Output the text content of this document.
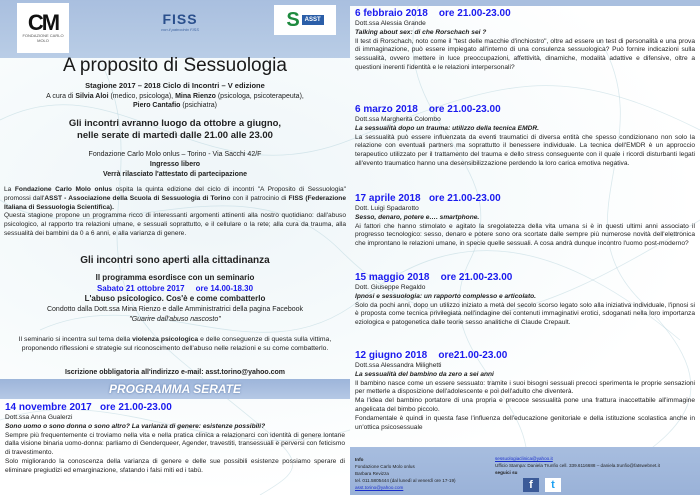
CM
FONDAZIONE CARLO MOLO
FISS
con il patrocinio FISS	S ASST
A proposito di Sessuologia
Stagione 2017 – 2018 Ciclo di Incontri – V edizione
A cura di Silvia Aloi (medico, psicologa), Mina Rienzo (psicologa, psicoterapeuta),
Piero Cantafio (psichiatra)
Gli incontri avranno luogo da ottobre a giugno,
nelle serate di martedì dalle 21.00 alle 23.00
Fondazione Carlo Molo onlus – Torino - Via Sacchi 42/F
Ingresso libero
Verrà rilasciato l'attestato di partecipazione
La Fondazione Carlo Molo onlus ospita la quinta edizione del ciclo di incontri "A Proposito di Sessuologia" promossi dall'ASST - Associazione della Scuola di Sessuologia di Torino con il patrocinio di FISS (Federazione Italiana di Sessuologia Scientifica).
Questa stagione propone un programma ricco di interessanti argomenti attinenti alla nostro quotidiano: dall'abuso psicologico, al rapporto tra relazioni umane, e sessuali soprattutto, e il cellulare o la rete; alla cura da trauma, alla sessualità dei bambini da 0 a 6 anni, e alla varianza di genere.
Gli incontri sono aperti alla cittadinanza
Il programma esordisce con un seminario
Sabato 21 ottobre 2017     ore 14.00-18.30
L'abuso psicologico. Cos'è e come combatterlo
Condotto dalla Dott.ssa Mina Rienzo e dalle Amministratrici della pagina Facebook
"Guarire dall'abuso nascosto"
Il seminario si incentra sul tema della violenza psicologica e delle conseguenze di questa sulla vittima, proponendo riflessioni e strategie sul riconoscimento dell'abuso nelle relazioni e su come combatterlo.
Iscrizione obbligatoria all'indirizzo e-mail: asst.torino@yahoo.com
PROGRAMMA SERATE
14 novembre 2017   ore 21.00-23.00
Dott.ssa Anna Gualerzi
Sono uomo o sono donna o sono altro? La varianza di genere: esistenze possibili?
Sempre più frequentemente ci troviamo nella vita e nella pratica clinica a relazionarci con identità di genere lontane dalla visione binaria uomo-donna: parliamo di Genderqueer, Agender, travestiti, transessuali e perversi con feticismo di travestimento.
Solo migliorando la conoscenza della varianza di genere e delle sue possibili esistenze possiamo sperare di eliminare pregiudizi ed emarginazione, sfatando i falsi miti ed i tabù.
6 febbraio 2018    ore 21.00-23.00
Dott.ssa Alessia Grande
Talking about sex: di che Rorschach sei ?
Il test di Rorschach, noto come il "test delle macchie d'inchiostro", oltre ad essere un test di personalità e una prova di immaginazione, può essere impiegato all'interno di una consulenza sessuologica? Può fornire indicazioni sulla sessualità, ovvero mettere in luce preoccupazioni, affettività, dinamiche, modalità adattive e difensive, oltre a questioni inerenti l'identità e le relazioni interpersonali?
6 marzo 2018    ore 21.00-23.00
Dott.ssa Margherita Colombo
La sessualità dopo un trauma: utilizzo della tecnica EMDR.
La sessualità può essere influenzata da eventi traumatici di diversa entità che spesso condizionano non solo la relazione con eventuali partners ma soprattutto il benessere individuale. La tecnica dell'EMDR è un approccio terapeutico utilizzato per il trattamento del trauma e dello stress conseguente con il quale i ricordi disturbanti legati all'evento traumatico hanno una desensibilizzazione perdendo la loro carica emotiva negativa.
17 aprile 2018   ore 21.00-23.00
Dott. Luigi Spadarotto
Sesso, denaro, potere e…. smartphone.
Ai fattori che hanno stimolato e agitato la sregolatezza della vita umana si è in questi ultimi anni associato il progresso tecnologico: sesso, denaro e potere sono ora scortate dalle sempre più numerose novità dell'elettronica che improntano le relazioni umane, in specie quelle sessuali. A cosa andrà dunque incontro l'uomo post-moderno?
15 maggio 2018    ore 21.00-23.00
Dott. Giuseppe Regaldo
Ipnosi e sessuologia: un rapporto complesso e articolato.
Solo da pochi anni, dopo un utilizzo iniziato a metà del secolo scorso legato solo alla iniziativa individuale, l'ipnosi si è proposta come tecnica privilegiata nell'indagine dei contenuti immaginativi erotici, sdoganati nella loro importanza eziologica e patogenetica dalle teorie sesso analitiche di Claude Crepault.
12 giugno 2018    ore21.00-23.00
Dott.ssa Alessandra Milighetti
La sessualità del bambino da zero a sei anni
Il bambino nasce come un essere sessuato: tramite i suoi bisogni sessuali precoci sperimenta le proprie sensazioni per metterle a disposizione dell'adolescente e poi dell'adulto che diventerà.
Ma l'idea del bambino portatore di una propria e precoce sessualità pone una frattura inaccettabile all'immagine angelicata del bimbo piccolo.
Fondamentale è quindi in questa fase l'influenza dell'educazione genitoriale e della istituzione scolastica anche in un'ottica psicosessuale
Info
Fondazione Carlo Molo onlus
Barbara Revizza
tel. 011.5805444 (dal lunedì al venerdì ore 17-19)
asst.torino@yahoo.com
sessuologiaclinica@yahoo.it
Ufficio Stampa: Daniela Trunfio cell. 339.6116688 – daniela.trunfio@fatswebnet.it
seguici su
f t
